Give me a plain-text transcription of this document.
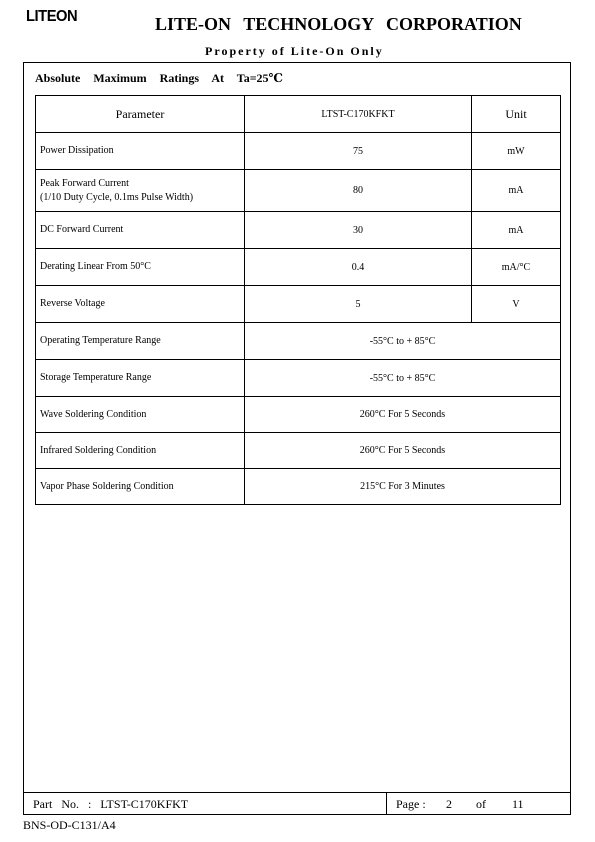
LITEON	LITE-ON TECHNOLOGY CORPORATION
Property of Lite-On Only
Absolute Maximum Ratings At Ta=25℃
Parameter	LTST-C170KFKT	Unit
Power Dissipation	75	mW

Peak Forward Current
(1/10 Duty Cycle, 0.1ms Pulse Width)	80	mA
DC Forward Current	30	mA
Derating Linear From 50°C	0.4	mA/°C
Reverse Voltage	5	V
Operating Temperature Range	-55°C to + 85°C	
Storage Temperature Range	-55°C to + 85°C	
Wave Soldering Condition	260°C For 5 Seconds	
Infrared Soldering Condition	260°C For 5 Seconds	
Vapor Phase Soldering Condition	215°C For 3 Minutes	
Part No. : LTST-C170KFKT	Page : 2 of 11
BNS-OD-C131/A4
